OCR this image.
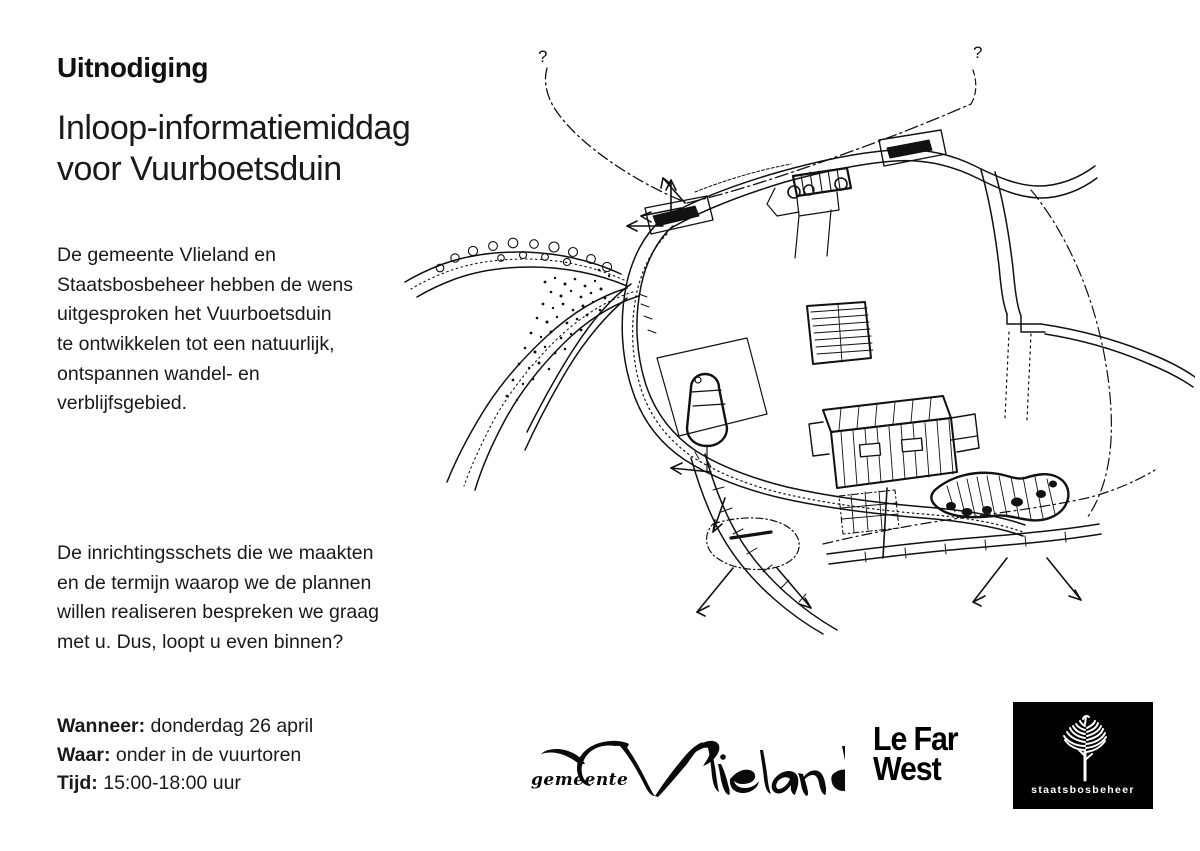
Uitnodiging
Inloop-informatiemiddag
voor Vuurboetsduin
De gemeente Vlieland en
Staatsbosbeheer hebben de wens
uitgesproken het Vuurboetsduin
te ontwikkelen tot een natuurlijk,
ontspannen wandel- en
verblijfsgebied.
De inrichtingsschets die we maakten
en de termijn waarop we de plannen
willen realiseren bespreken we graag
met u. Dus, loopt u even binnen?
Wanneer: donderdag 26 april
Waar: onder in de vuurtoren
Tijd: 15:00-18:00 uur
?	?
gemeente
Le Far
West
staatsbosbeheer
